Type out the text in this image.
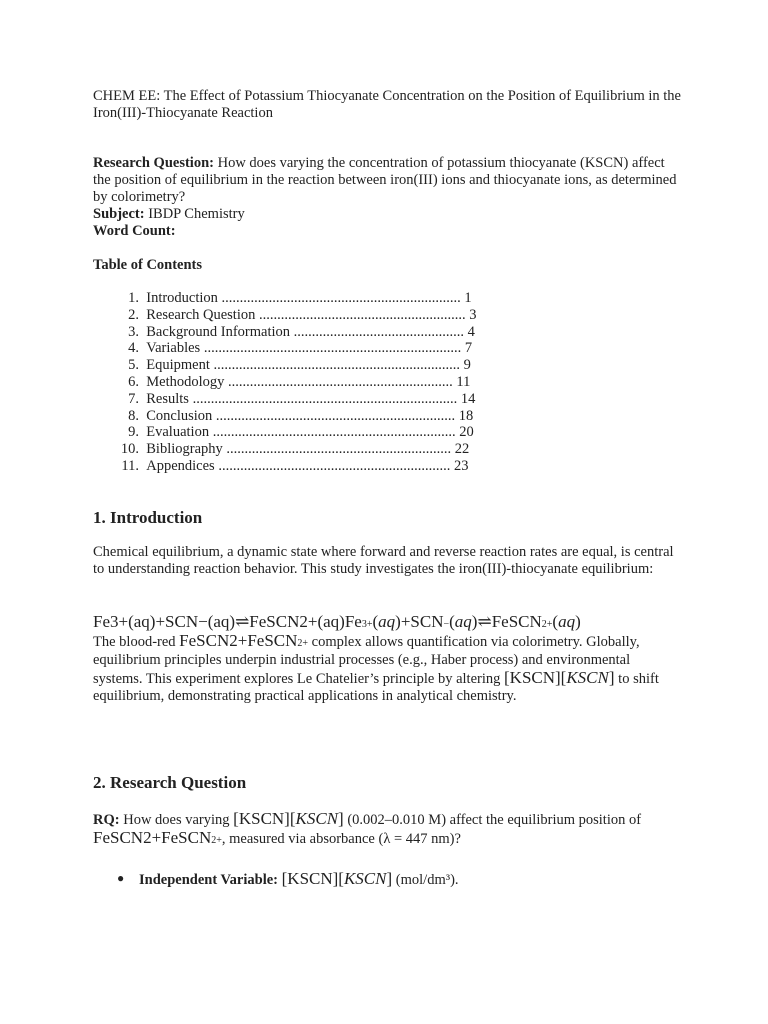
CHEM EE: The Effect of Potassium Thiocyanate Concentration on the Position of Equilibrium in the Iron(III)-Thiocyanate Reaction

Research Question: How does varying the concentration of potassium thiocyanate (KSCN) affect the position of equilibrium in the reaction between iron(III) ions and thiocyanate ions, as determined by colorimetry?

Subject: IBDP Chemistry

Word Count:

Table of Contents

1.
Introduction .................................................................. 1
2.
Research Question ......................................................... 3
3.
Background Information ............................................... 4
4.
Variables ....................................................................... 7
5.
Equipment .................................................................... 9
6.
Methodology .............................................................. 11
7.
Results ......................................................................... 14
8.
Conclusion .................................................................. 18
9.
Evaluation ................................................................... 20
10.
Bibliography .............................................................. 22
11.
Appendices ................................................................ 23
1. Introduction

Chemical equilibrium, a dynamic state where forward and reverse reaction rates are equal, is central to understanding reaction behavior. This study investigates the iron(III)-thiocyanate equilibrium:

Fe3+(aq)+SCN−(aq)⇌FeSCN2+(aq)Fe3+(aq)+SCN−(aq)⇌FeSCN2+(aq)

The blood-red FeSCN2+FeSCN2+ complex allows quantification via colorimetry. Globally, equilibrium principles underpin industrial processes (e.g., Haber process) and environmental systems. This experiment explores Le Chatelier’s principle by altering [KSCN][KSCN] to shift equilibrium, demonstrating practical applications in analytical chemistry.

2. Research Question

RQ: How does varying [KSCN][KSCN] (0.002–0.010 M) affect the equilibrium position of FeSCN2+FeSCN2+, measured via absorbance (λ = 447 nm)?

●	Independent Variable: [KSCN][KSCN] (mol/dm³).
